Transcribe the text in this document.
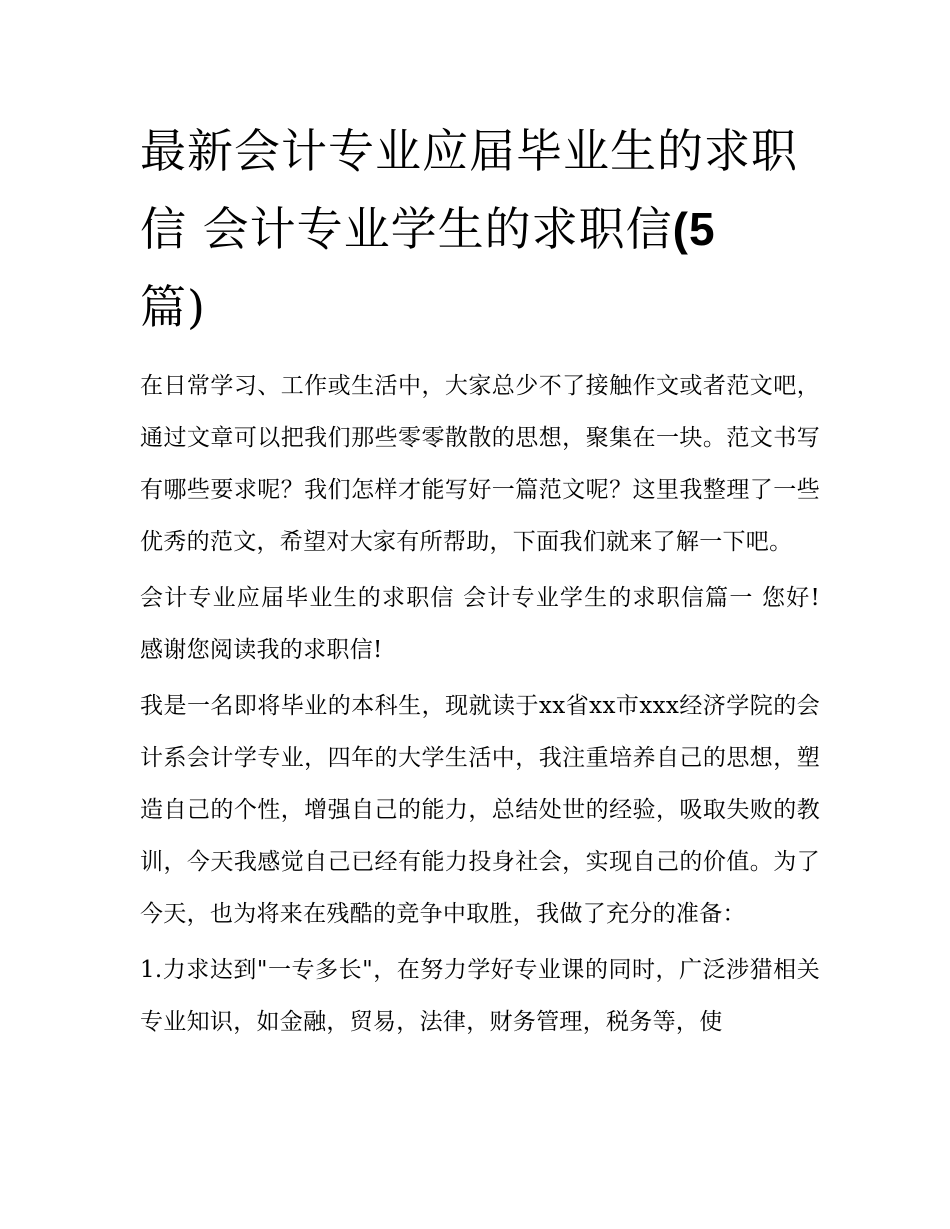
最新会计专业应届毕业生的求职信 会计专业学生的求职信(5
篇)

在日常学习、工作或生活中，大家总少不了接触作文或者范文吧，通过文章可以把我们那些零零散散的思想，聚集在一块。范文书写有哪些要求呢？我们怎样才能写好一篇范文呢？这里我整理了一些优秀的范文，希望对大家有所帮助，下面我们就来了解一下吧。

会计专业应届毕业生的求职信 会计专业学生的求职信篇一 您好! 感谢您阅读我的求职信!

我是一名即将毕业的本科生，现就读于xx省xx市xxx经济学院的会计系会计学专业，四年的大学生活中，我注重培养自己的思想，塑造自己的个性，增强自己的能力，总结处世的经验，吸取失败的教训，今天我感觉自己已经有能力投身社会，实现自己的价值。为了今天，也为将来在残酷的竞争中取胜，我做了充分的准备：

1.力求达到"一专多长"，在努力学好专业课的同时，广泛涉猎相关专业知识，如金融，贸易，法律，财务管理，税务等，使
